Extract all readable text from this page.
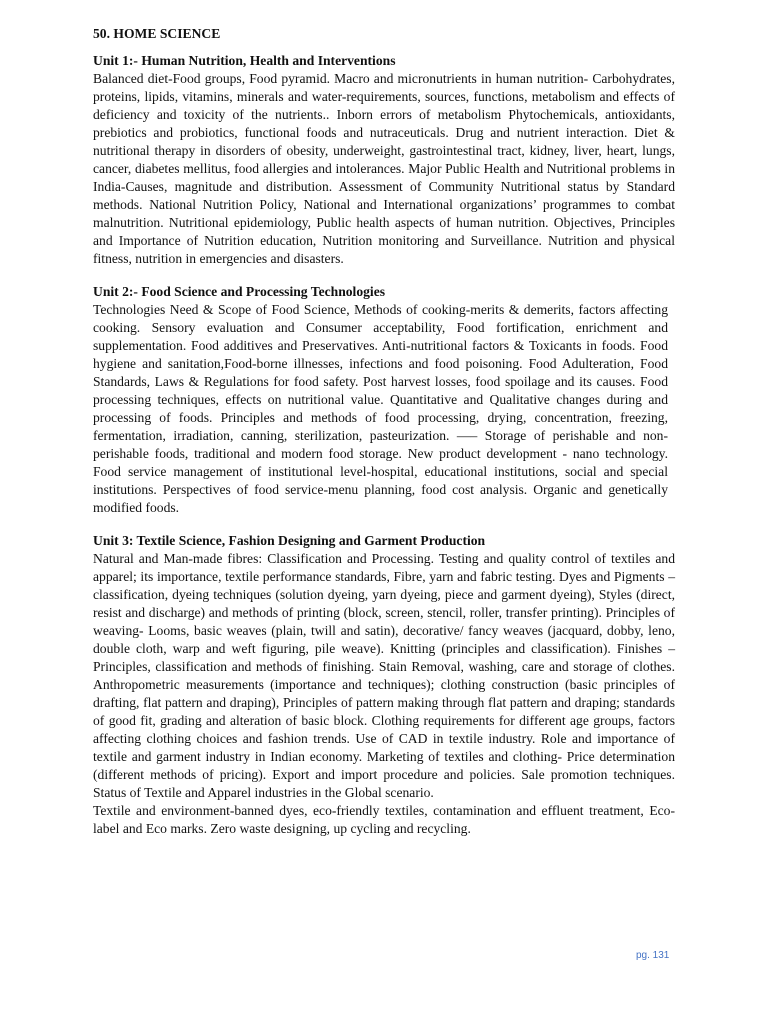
50. HOME SCIENCE
Unit 1:- Human Nutrition, Health and Interventions

Balanced diet-Food groups, Food pyramid. Macro and micronutrients in human nutrition- Carbohydrates, proteins, lipids, vitamins, minerals and water-requirements, sources, functions, metabolism and effects of deficiency and toxicity of the nutrients.. Inborn errors of metabolism Phytochemicals, antioxidants, prebiotics and probiotics, functional foods and nutraceuticals. Drug and nutrient interaction. Diet & nutritional therapy in disorders of obesity, underweight, gastrointestinal tract, kidney, liver, heart, lungs, cancer, diabetes mellitus, food allergies and intolerances. Major Public Health and Nutritional problems in India-Causes, magnitude and distribution. Assessment of Community Nutritional status by Standard methods. National Nutrition Policy, National and International organizations’ programmes to combat malnutrition. Nutritional epidemiology, Public health aspects of human nutrition. Objectives, Principles and Importance of Nutrition education, Nutrition monitoring and Surveillance. Nutrition and physical fitness, nutrition in emergencies and disasters.

Unit 2:- Food Science and Processing Technologies

Technologies Need & Scope of Food Science, Methods of cooking-merits & demerits, factors affecting cooking. Sensory evaluation and Consumer acceptability, Food fortification, enrichment and supplementation. Food additives and Preservatives. Anti-nutritional factors & Toxicants in foods. Food hygiene and sanitation,Food-borne illnesses, infections and food poisoning. Food Adulteration, Food Standards, Laws & Regulations for food safety. Post harvest losses, food spoilage and its causes. Food processing techniques, effects on nutritional value. Quantitative and Qualitative changes during and processing of foods. Principles and methods of food processing, drying, concentration, freezing, fermentation, irradiation, canning, sterilization, pasteurization. —– Storage of perishable and non-perishable foods, traditional and modern food storage. New product development - nano technology. Food service management of institutional level-hospital, educational institutions, social and special institutions. Perspectives of food service-menu planning, food cost analysis. Organic and genetically modified foods.

Unit 3: Textile Science, Fashion Designing and Garment Production

Natural and Man-made fibres: Classification and Processing. Testing and quality control of textiles and apparel; its importance, textile performance standards, Fibre, yarn and fabric testing. Dyes and Pigments – classification, dyeing techniques (solution dyeing, yarn dyeing, piece and garment dyeing), Styles (direct, resist and discharge) and methods of printing (block, screen, stencil, roller, transfer printing). Principles of weaving- Looms, basic weaves (plain, twill and satin), decorative/ fancy weaves (jacquard, dobby, leno, double cloth, warp and weft figuring, pile weave). Knitting (principles and classification). Finishes – Principles, classification and methods of finishing. Stain Removal, washing, care and storage of clothes. Anthropometric measurements (importance and techniques); clothing construction (basic principles of drafting, flat pattern and draping), Principles of pattern making through flat pattern and draping; standards of good fit, grading and alteration of basic block. Clothing requirements for different age groups, factors affecting clothing choices and fashion trends. Use of CAD in textile industry. Role and importance of textile and garment industry in Indian economy. Marketing of textiles and clothing- Price determination (different methods of pricing). Export and import procedure and policies. Sale promotion techniques. Status of Textile and Apparel industries in the Global scenario.

Textile and environment-banned dyes, eco-friendly textiles, contamination and effluent treatment, Eco-label and Eco marks. Zero waste designing, up cycling and recycling.

pg. 131
